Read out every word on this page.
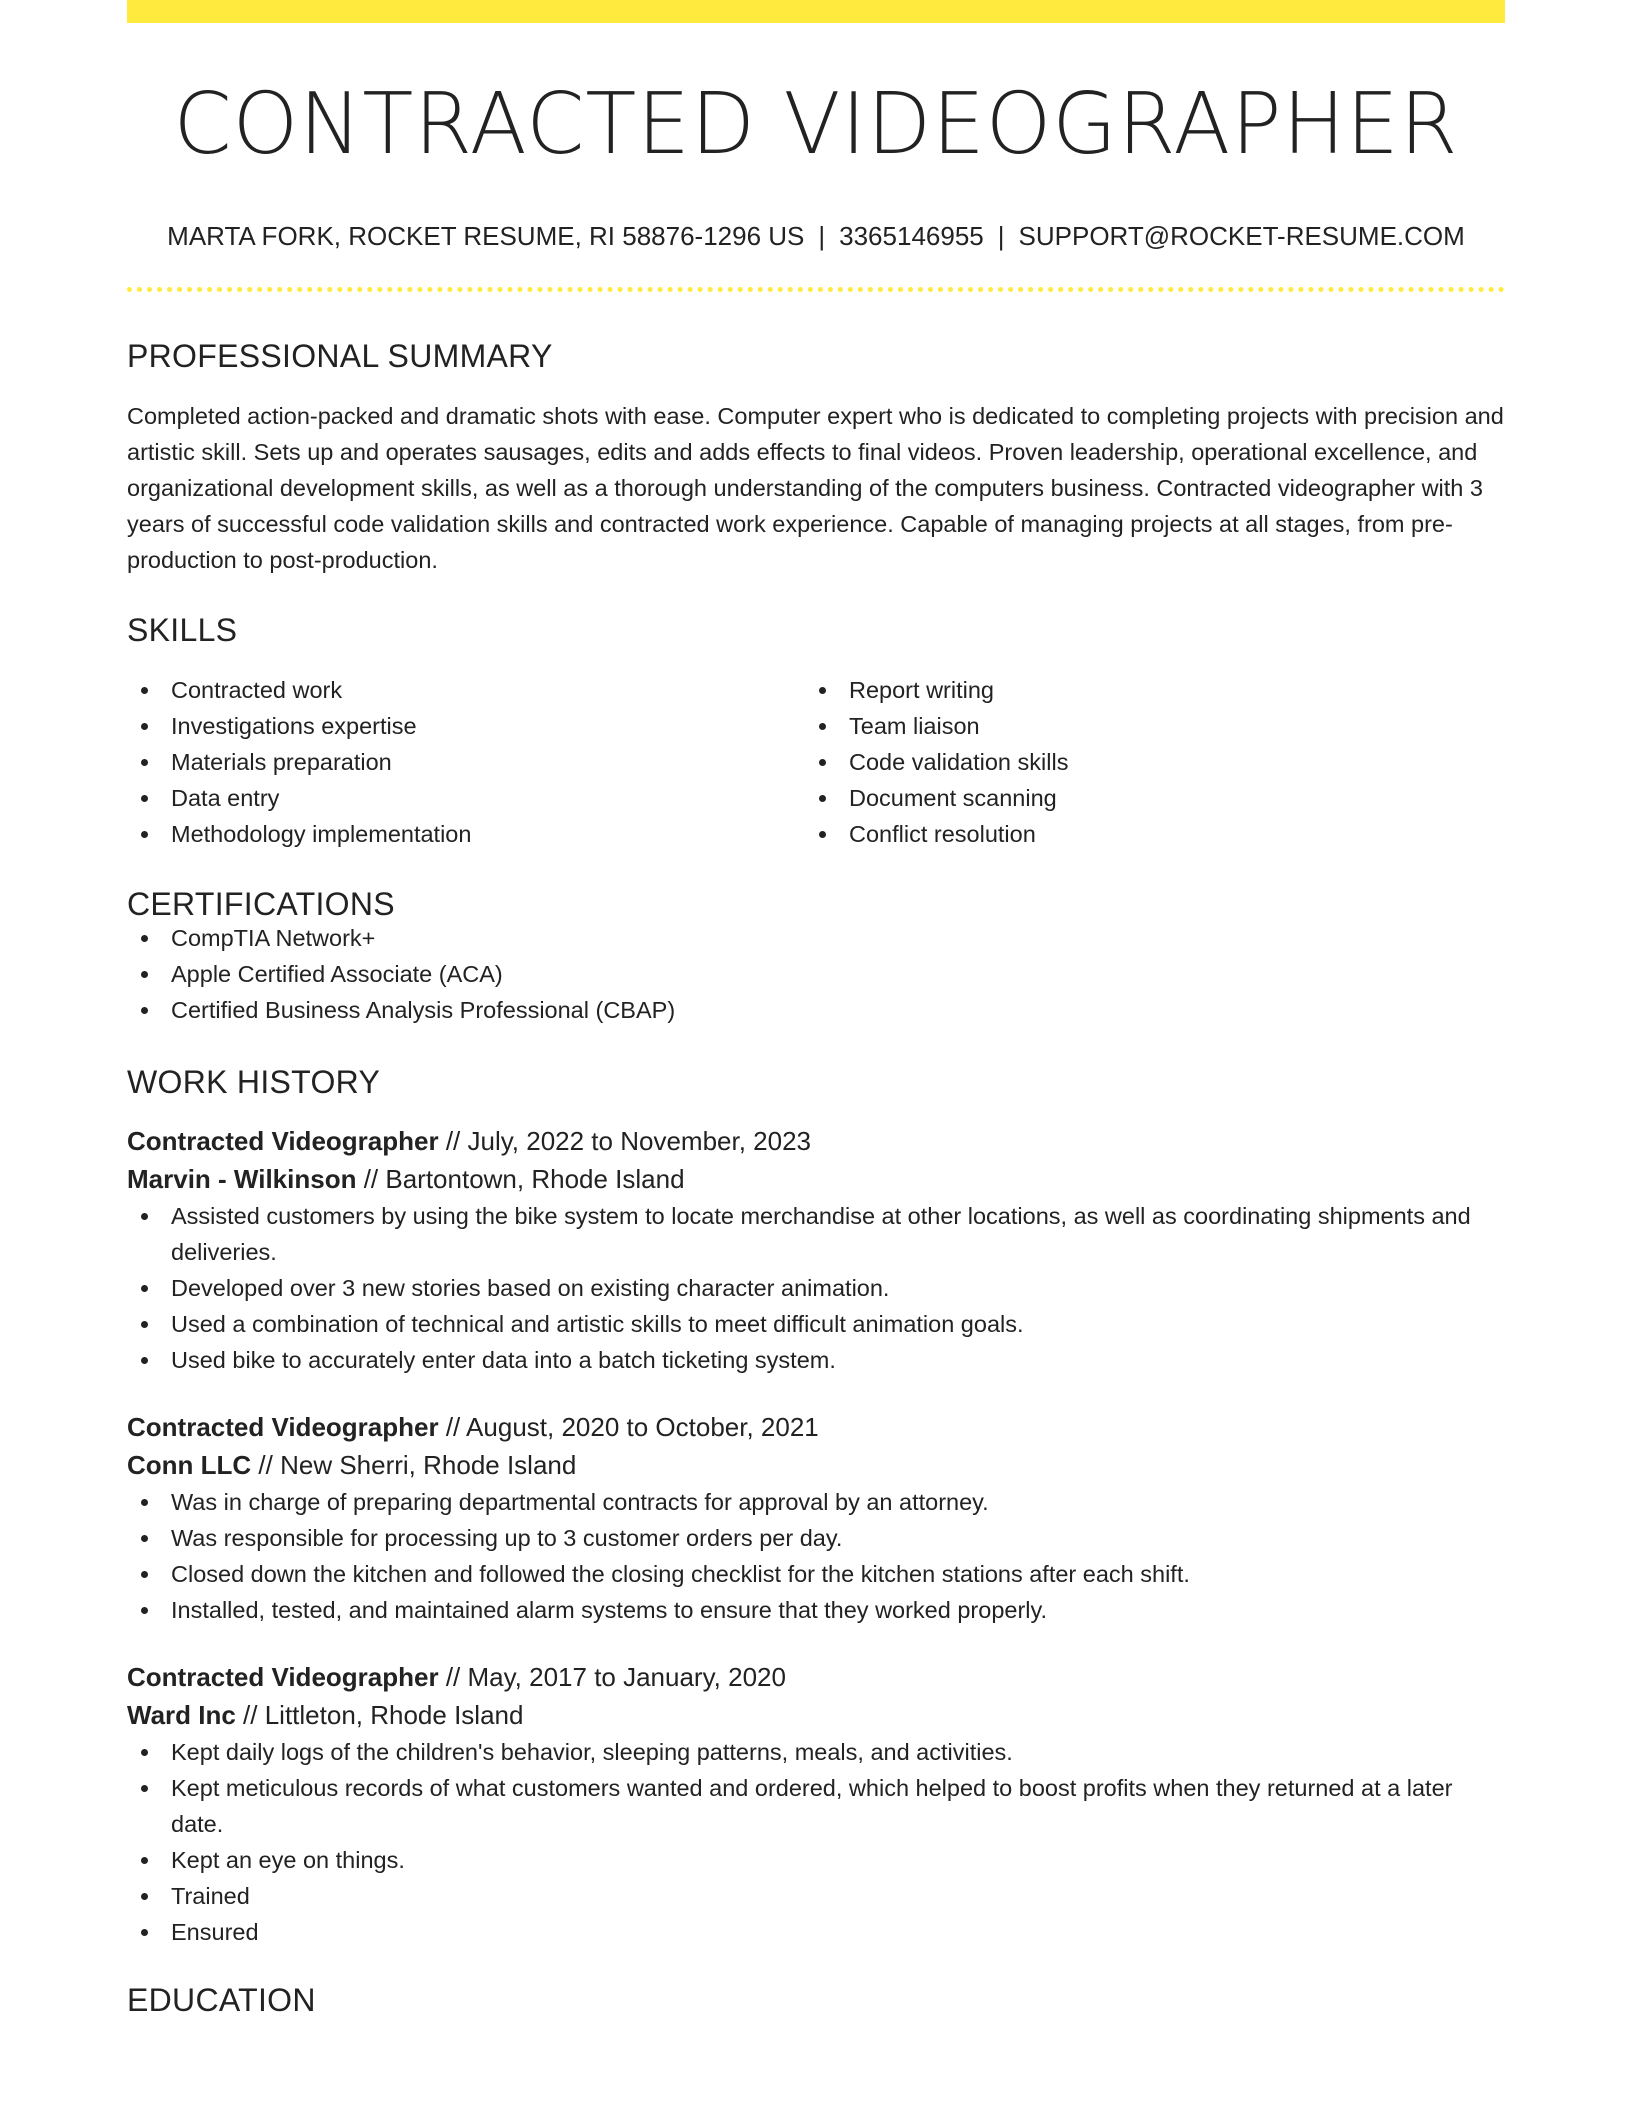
CONTRACTED VIDEOGRAPHER
MARTA FORK, ROCKET RESUME, RI 58876-1296 US | 3365146955 | SUPPORT@ROCKET-RESUME.COM
PROFESSIONAL SUMMARY

Completed action-packed and dramatic shots with ease. Computer expert who is dedicated to completing projects with precision and artistic skill. Sets up and operates sausages, edits and adds effects to final videos. Proven leadership, operational excellence, and organizational development skills, as well as a thorough understanding of the computers business. Contracted videographer with 3 years of successful code validation skills and contracted work experience. Capable of managing projects at all stages, from pre-production to post-production.

SKILLS
Contracted work
Investigations expertise
Materials preparation
Data entry
Methodology implementation
Report writing
Team liaison
Code validation skills
Document scanning
Conflict resolution
CERTIFICATIONS
CompTIA Network+
Apple Certified Associate (ACA)
Certified Business Analysis Professional (CBAP)
WORK HISTORY
Contracted Videographer // July, 2022 to November, 2023
Marvin - Wilkinson // Bartontown, Rhode Island
Assisted customers by using the bike system to locate merchandise at other locations, as well as coordinating shipments and deliveries.
Developed over 3 new stories based on existing character animation.
Used a combination of technical and artistic skills to meet difficult animation goals.
Used bike to accurately enter data into a batch ticketing system.
Contracted Videographer // August, 2020 to October, 2021
Conn LLC // New Sherri, Rhode Island
Was in charge of preparing departmental contracts for approval by an attorney.
Was responsible for processing up to 3 customer orders per day.
Closed down the kitchen and followed the closing checklist for the kitchen stations after each shift.
Installed, tested, and maintained alarm systems to ensure that they worked properly.
Contracted Videographer // May, 2017 to January, 2020
Ward Inc // Littleton, Rhode Island
Kept daily logs of the children's behavior, sleeping patterns, meals, and activities.
Kept meticulous records of what customers wanted and ordered, which helped to boost profits when they returned at a later date.
Kept an eye on things.
Trained
Ensured
EDUCATION
